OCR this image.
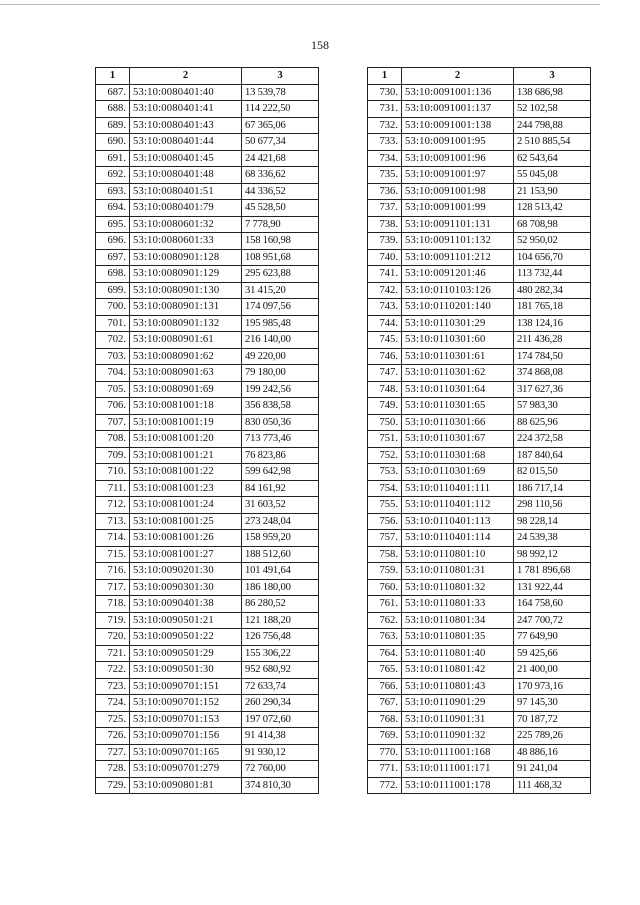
158
1	2	3
687.	53:10:0080401:40	13 539,78
688.	53:10:0080401:41	114 222,50
689.	53:10:0080401:43	67 365,06
690.	53:10:0080401:44	50 677,34
691.	53:10:0080401:45	24 421,68
692.	53:10:0080401:48	68 336,62
693.	53:10:0080401:51	44 336,52
694.	53:10:0080401:79	45 528,50
695.	53:10:0080601:32	7 778,90
696.	53:10:0080601:33	158 160,98
697.	53:10:0080901:128	108 951,68
698.	53:10:0080901:129	295 623,88
699.	53:10:0080901:130	31 415,20
700.	53:10:0080901:131	174 097,56
701.	53:10:0080901:132	195 985,48
702.	53:10:0080901:61	216 140,00
703.	53:10:0080901:62	49 220,00
704.	53:10:0080901:63	79 180,00
705.	53:10:0080901:69	199 242,56
706.	53:10:0081001:18	356 838,58
707.	53:10:0081001:19	830 050,36
708.	53:10:0081001:20	713 773,46
709.	53:10:0081001:21	76 823,86
710.	53:10:0081001:22	599 642,98
711.	53:10:0081001:23	84 161,92
712.	53:10:0081001:24	31 603,52
713.	53:10:0081001:25	273 248,04
714.	53:10:0081001:26	158 959,20
715.	53:10:0081001:27	188 512,60
716.	53:10:0090201:30	101 491,64
717.	53:10:0090301:30	186 180,00
718.	53:10:0090401:38	86 280,52
719.	53:10:0090501:21	121 188,20
720.	53:10:0090501:22	126 756,48
721.	53:10:0090501:29	155 306,22
722.	53:10:0090501:30	952 680,92
723.	53:10:0090701:151	72 633,74
724.	53:10:0090701:152	260 290,34
725.	53:10:0090701:153	197 072,60
726.	53:10:0090701:156	91 414,38
727.	53:10:0090701:165	91 930,12
728.	53:10:0090701:279	72 760,00
729.	53:10:0090801:81	374 810,30
1	2	3
730.	53:10:0091001:136	138 686,98
731.	53:10:0091001:137	52 102,58
732.	53:10:0091001:138	244 798,88
733.	53:10:0091001:95	2 510 885,54
734.	53:10:0091001:96	62 543,64
735.	53:10:0091001:97	55 045,08
736.	53:10:0091001:98	21 153,90
737.	53:10:0091001:99	128 513,42
738.	53:10:0091101:131	68 708,98
739.	53:10:0091101:132	52 950,02
740.	53:10:0091101:212	104 656,70
741.	53:10:0091201:46	113 732,44
742.	53:10:0110103:126	480 282,34
743.	53:10:0110201:140	181 765,18
744.	53:10:0110301:29	138 124,16
745.	53:10:0110301:60	211 436,28
746.	53:10:0110301:61	174 784,50
747.	53:10:0110301:62	374 868,08
748.	53:10:0110301:64	317 627,36
749.	53:10:0110301:65	57 983,30
750.	53:10:0110301:66	88 625,96
751.	53:10:0110301:67	224 372,58
752.	53:10:0110301:68	187 840,64
753.	53:10:0110301:69	82 015,50
754.	53:10:0110401:111	186 717,14
755.	53:10:0110401:112	298 110,56
756.	53:10:0110401:113	98 228,14
757.	53:10:0110401:114	24 539,38
758.	53:10:0110801:10	98 992,12
759.	53:10:0110801:31	1 781 896,68
760.	53:10:0110801:32	131 922,44
761.	53:10:0110801:33	164 758,60
762.	53:10:0110801:34	247 700,72
763.	53:10:0110801:35	77 649,90
764.	53:10:0110801:40	59 425,66
765.	53:10:0110801:42	21 400,00
766.	53:10:0110801:43	170 973,16
767.	53:10:0110901:29	97 145,30
768.	53:10:0110901:31	70 187,72
769.	53:10:0110901:32	225 789,26
770.	53:10:0111001:168	48 886,16
771.	53:10:0111001:171	91 241,04
772.	53:10:0111001:178	111 468,32
